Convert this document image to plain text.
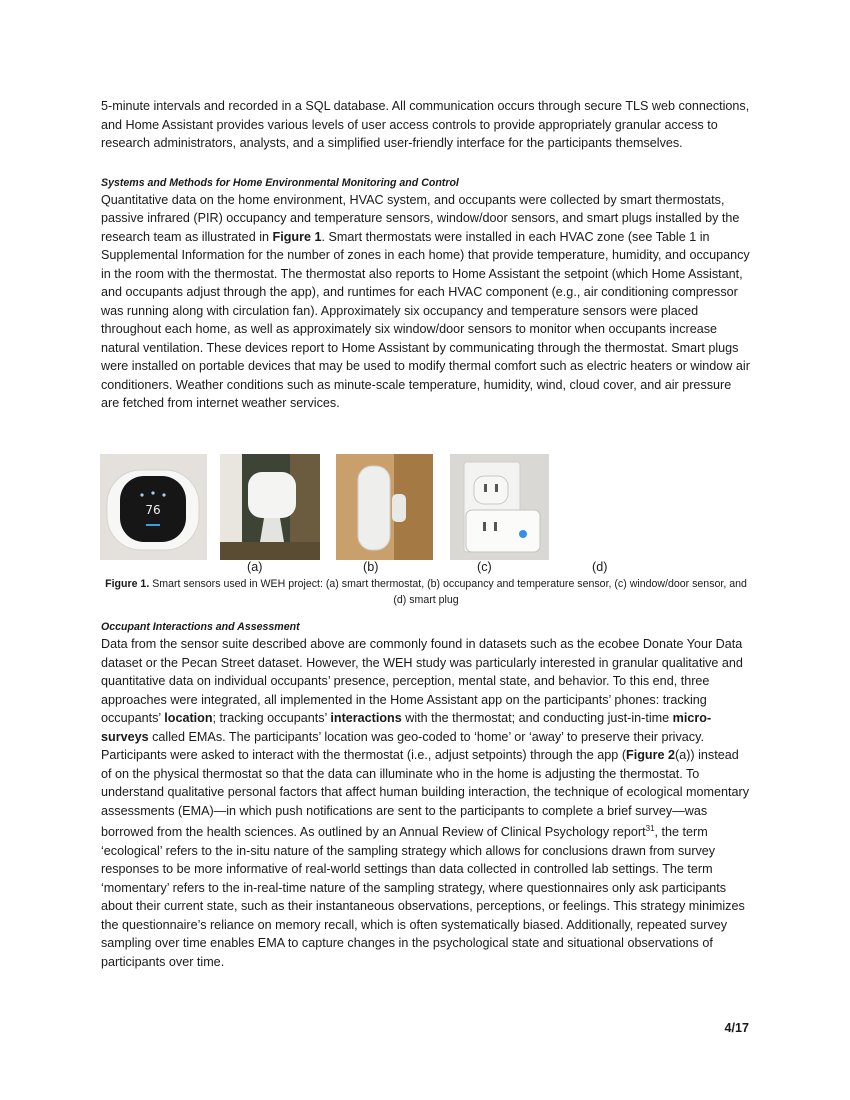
5-minute intervals and recorded in a SQL database. All communication occurs through secure TLS web connections, and Home Assistant provides various levels of user access controls to provide appropriately granular access to research administrators, analysts, and a simplified user-friendly interface for the participants themselves.

Systems and Methods for Home Environmental Monitoring and Control

Quantitative data on the home environment, HVAC system, and occupants were collected by smart thermostats, passive infrared (PIR) occupancy and temperature sensors, window/door sensors, and smart plugs installed by the research team as illustrated in Figure 1. Smart thermostats were installed in each HVAC zone (see Table 1 in Supplemental Information for the number of zones in each home) that provide temperature, humidity, and occupancy in the room with the thermostat. The thermostat also reports to Home Assistant the setpoint (which Home Assistant, and occupants adjust through the app), and runtimes for each HVAC component (e.g., air conditioning compressor was running along with circulation fan). Approximately six occupancy and temperature sensors were placed throughout each home, as well as approximately six window/door sensors to monitor when occupants increase natural ventilation. These devices report to Home Assistant by communicating through the thermostat. Smart plugs were installed on portable devices that may be used to modify thermal comfort such as electric heaters or window air conditioners. Weather conditions such as minute-scale temperature, humidity, wind, cloud cover, and air pressure are fetched from internet weather services.

76
(a)	(b)	(c)	(d)
Figure 1. Smart sensors used in WEH project: (a) smart thermostat, (b) occupancy and temperature sensor, (c) window/door sensor, and (d) smart plug
Occupant Interactions and Assessment

Data from the sensor suite described above are commonly found in datasets such as the ecobee Donate Your Data dataset or the Pecan Street dataset. However, the WEH study was particularly interested in granular qualitative and quantitative data on individual occupants’ presence, perception, mental state, and behavior. To this end, three approaches were integrated, all implemented in the Home Assistant app on the participants’ phones: tracking occupants’ location; tracking occupants’ interactions with the thermostat; and conducting just-in-time micro-surveys called EMAs. The participants’ location was geo-coded to ‘home’ or ‘away’ to preserve their privacy. Participants were asked to interact with the thermostat (i.e., adjust setpoints) through the app (Figure 2(a)) instead of on the physical thermostat so that the data can illuminate who in the home is adjusting the thermostat. To understand qualitative personal factors that affect human building interaction, the technique of ecological momentary assessments (EMA)—in which push notifications are sent to the participants to complete a brief survey—was borrowed from the health sciences. As outlined by an Annual Review of Clinical Psychology report$^{31}$, the term ‘ecological’ refers to the in-situ nature of the sampling strategy which allows for conclusions drawn from survey responses to be more informative of real-world settings than data collected in controlled lab settings. The term ‘momentary’ refers to the in-real-time nature of the sampling strategy, where questionnaires only ask participants about their current state, such as their instantaneous observations, perceptions, or feelings. This strategy minimizes the questionnaire’s reliance on memory recall, which is often systematically biased. Additionally, repeated survey sampling over time enables EMA to capture changes in the psychological state and situational observations of participants over time.

4/17
